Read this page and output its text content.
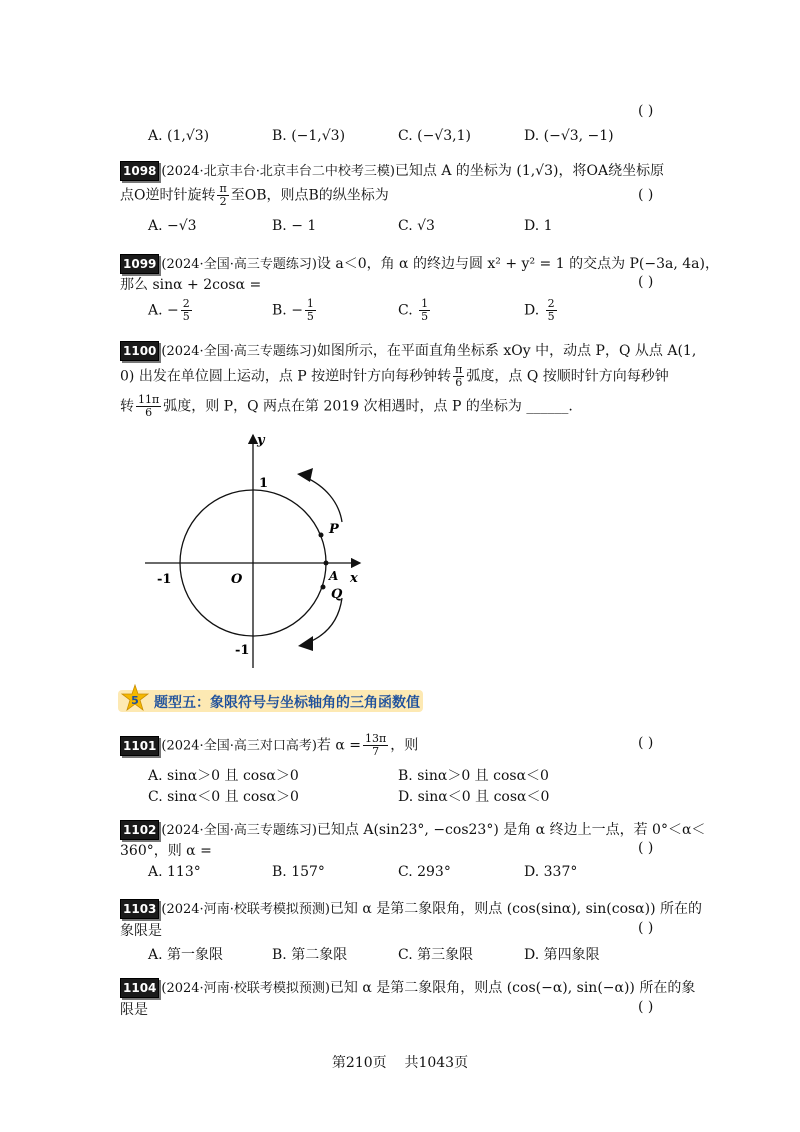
( )
A. (1,√3)	B. (−1,√3)	C. (−√3,1)	D. (−√3, −1)
1098 (2024·北京丰台·北京丰台二中校考三模)已知点 A 的坐标为 (1,√3)，将OA绕坐标原
点O逆时针旋转 $\frac{\pi}{2}$ 至OB，则点B的纵坐标为	( )
A. −√3	B. − 1	C. √3	D. 1
1099 (2024·全国·高三专题练习)设 a＜0，角 α 的终边与圆 x² + y² = 1 的交点为 P(−3a, 4a)，
那么 sinα + 2cosα =	( )
A. − $\frac{2}{5}$	B. − $\frac{1}{5}$	C. $\frac{1}{5}$	D. $\frac{2}{5}$
1100 (2024·全国·高三专题练习)如图所示，在平面直角坐标系 xOy 中，动点 P，Q 从点 A(1,
0) 出发在单位圆上运动，点 P 按逆时针方向每秒钟转 $\frac{\pi}{6}$ 弧度，点 Q 按顺时针方向每秒钟
转 $\frac{11\pi}{6}$ 弧度，则 P，Q 两点在第 2019 次相遇时，点 P 的坐标为 ______.
y
x
1
-1
-1
O
P
A
Q
5 题型五：象限符号与坐标轴角的三角函数值
1101 (2024·全国·高三对口高考)若 $\alpha = \frac{13\pi}{7}$ ，则	( )
A. sinα＞0 且 cosα＞0	B. sinα＞0 且 cosα＜0
C. sinα＜0 且 cosα＞0	D. sinα＜0 且 cosα＜0
1102 (2024·全国·高三专题练习)已知点 A(sin23°, −cos23°) 是角 α 终边上一点，若 0°＜α＜
360°，则 α =	( )
A. 113°	B. 157°	C. 293°	D. 337°
1103 (2024·河南·校联考模拟预测)已知 α 是第二象限角，则点 (cos(sinα), sin(cosα)) 所在的
象限是	( )
A. 第一象限	B. 第二象限	C. 第三象限	D. 第四象限
1104 (2024·河南·校联考模拟预测)已知 α 是第二象限角，则点 (cos(−α), sin(−α)) 所在的象
限是	( )
第210页 共1043页
